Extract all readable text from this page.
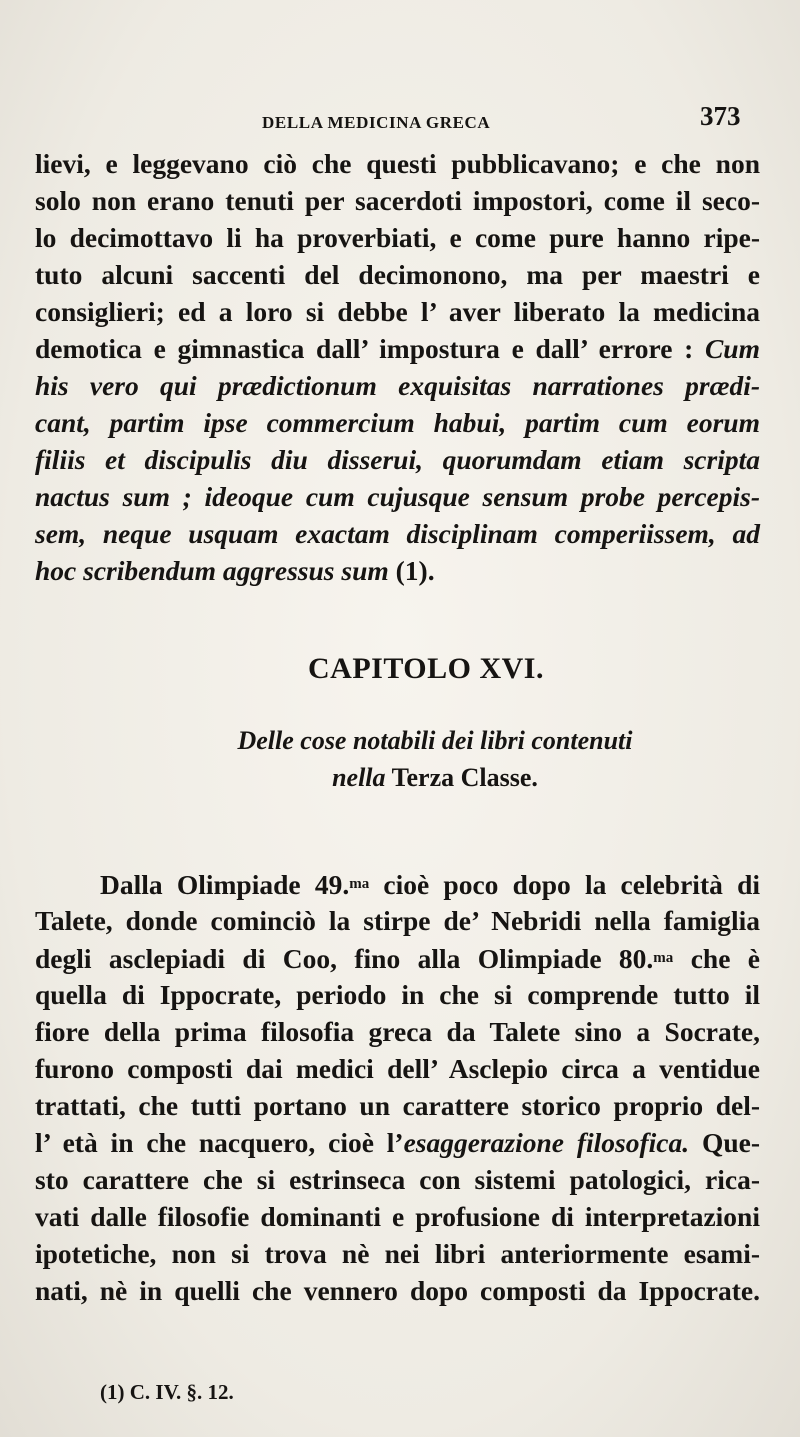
DELLA MEDICINA GRECA	373
lievi, e leggevano ciò che questi pubblicavano; e che non
solo non erano tenuti per sacerdoti impostori, come il seco-
lo decimottavo li ha proverbiati, e come pure hanno ripe-
tuto alcuni saccenti del decimonono, ma per maestri e
consiglieri; ed a loro si debbe l’ aver liberato la medicina
demotica e gimnastica dall’ impostura e dall’ errore : Cum
his vero qui prædictionum exquisitas narrationes prædi-
cant, partim ipse commercium habui, partim cum eorum
filiis et discipulis diu disserui, quorumdam etiam scripta
nactus sum ; ideoque cum cujusque sensum probe percepis-
sem, neque usquam exactam disciplinam comperiissem, ad
hoc scribendum aggressus sum (1).
CAPITOLO XVI.
Delle cose notabili dei libri contenuti
nella Terza Classe.
Dalla Olimpiade 49.$^{ma}$ cioè poco dopo la celebrità di
Talete, donde cominciò la stirpe de’ Nebridi nella famiglia
degli asclepiadi di Coo, fino alla Olimpiade 80.$^{ma}$ che è
quella di Ippocrate, periodo in che si comprende tutto il
fiore della prima filosofia greca da Talete sino a Socrate,
furono composti dai medici dell’ Asclepio circa a ventidue
trattati, che tutti portano un carattere storico proprio del-
l’ età in che nacquero, cioè l’esaggerazione filosofica. Que-
sto carattere che si estrinseca con sistemi patologici, rica-
vati dalle filosofie dominanti e profusione di interpretazioni
ipotetiche, non si trova nè nei libri anteriormente esami-
nati, nè in quelli che vennero dopo composti da Ippocrate.
(1) C. IV. §. 12.
